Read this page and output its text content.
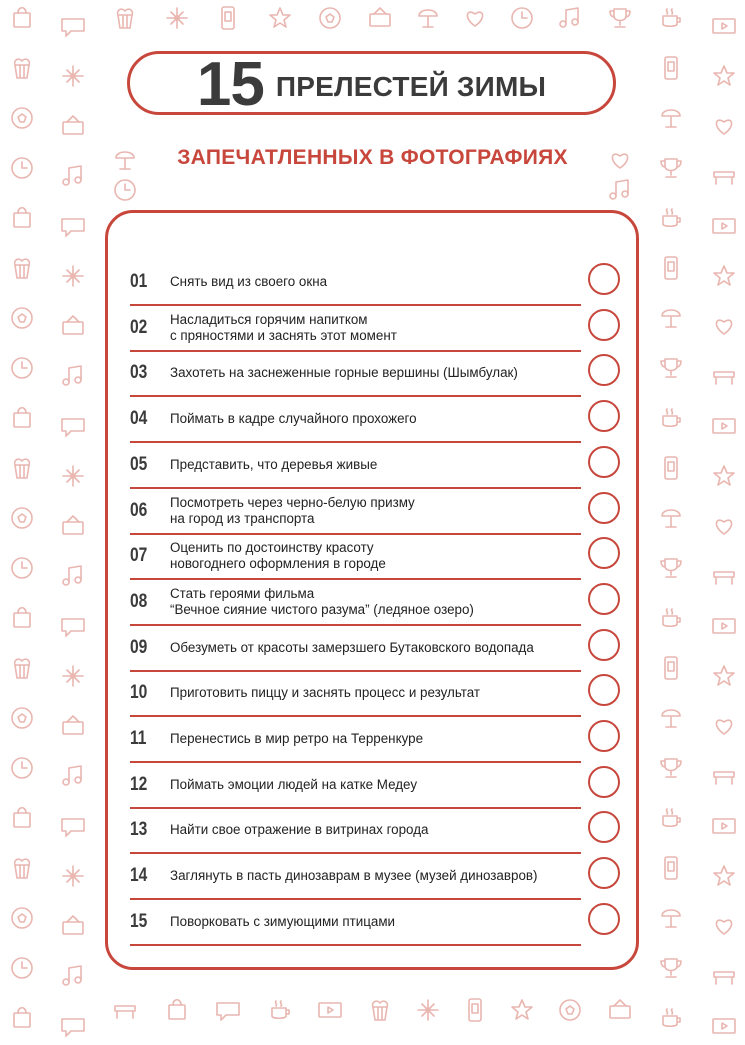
15 ПРЕЛЕСТЕЙ ЗИМЫ
ЗАПЕЧАТЛЕННЫХ В ФОТОГРАФИЯХ
01 Снять вид из своего окна
02 Насладиться горячим напитком
с пряностями и заснять этот момент
03 Захотеть на заснеженные горные вершины (Шымбулак)
04 Поймать в кадре случайного прохожего
05 Представить, что деревья живые
06 Посмотреть через черно-белую призму
на город из транспорта
07 Оценить по достоинству красоту
новогоднего оформления в городе
08 Стать героями фильма
“Вечное сияние чистого разума” (ледяное озеро)
09 Обезуметь от красоты замерзшего Бутаковского водопада
10 Приготовить пиццу и заснять процесс и результат
11 Перенестись в мир ретро на Терренкуре
12 Поймать эмоции людей на катке Медеу
13 Найти свое отражение в витринах города
14 Заглянуть в пасть динозаврам в музее (музей динозавров)
15 Поворковать с зимующими птицами
